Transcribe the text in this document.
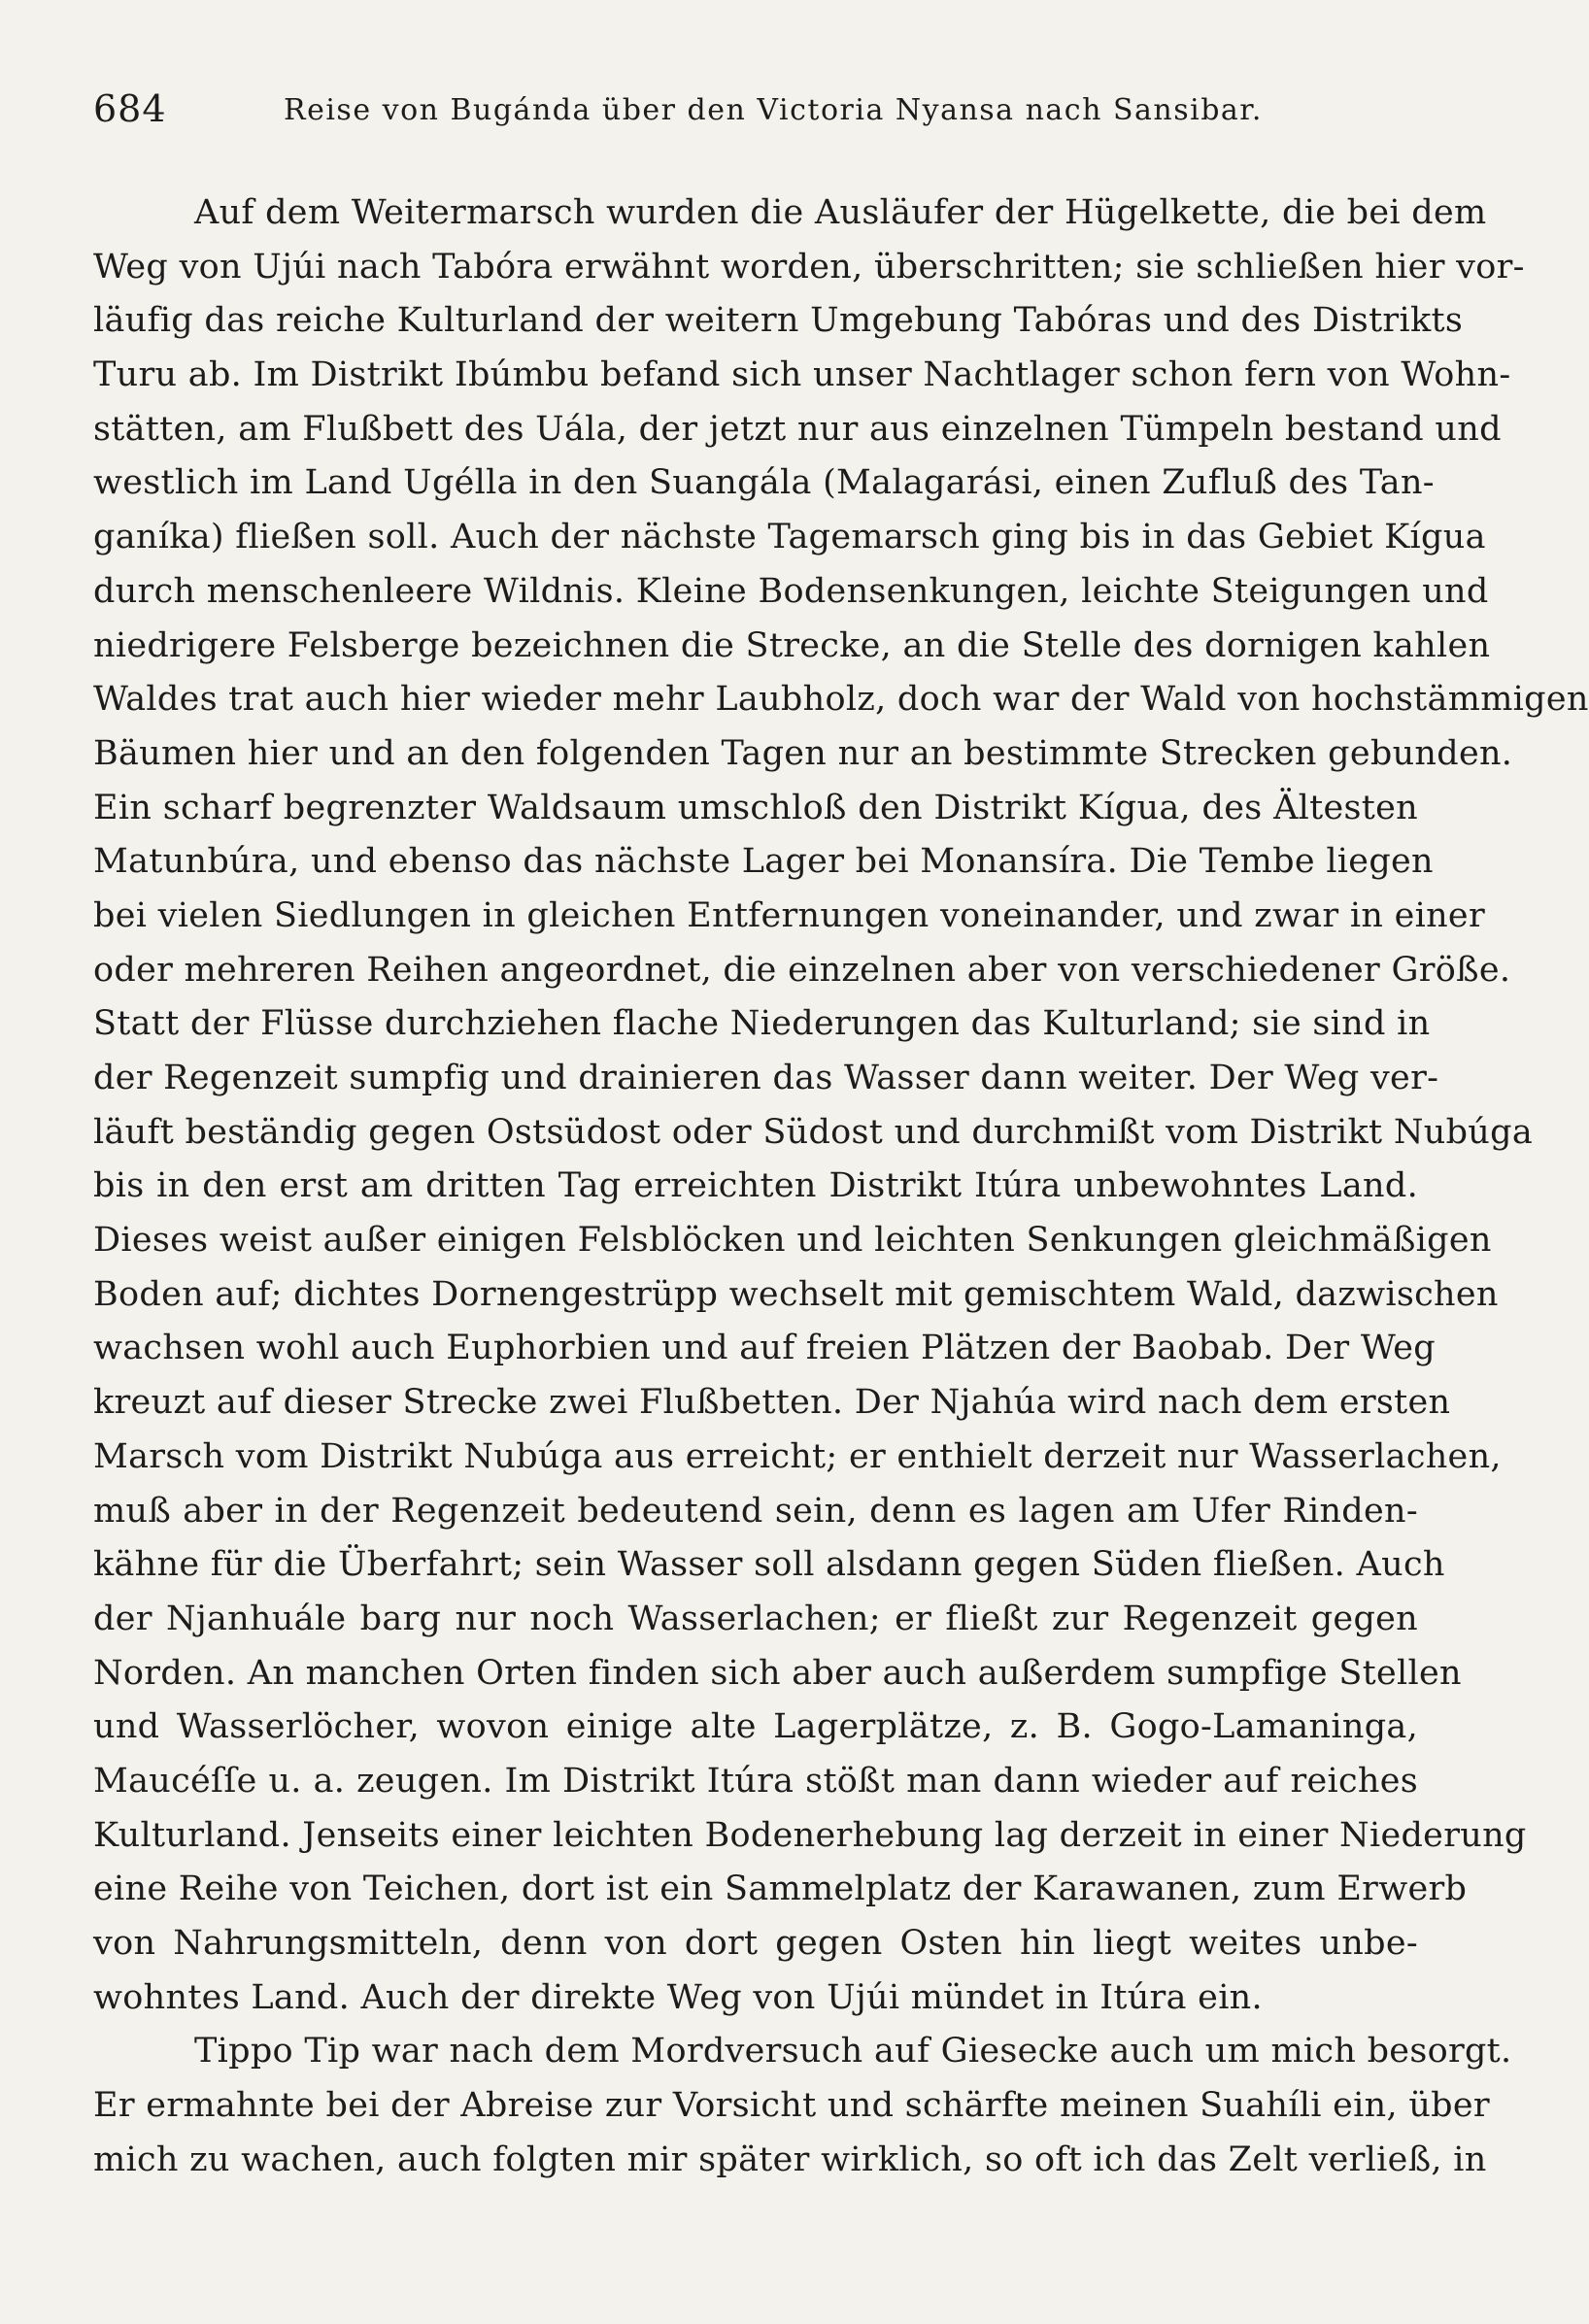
684	Reise von Bugánda über den Victoria Nyansa nach Sansibar.
Auf dem Weitermarsch wurden die Ausläufer der Hügelkette, die bei dem
Weg von Ujúi nach Tabóra erwähnt worden, überschritten; sie schließen hier vor-
läufig das reiche Kulturland der weitern Umgebung Tabóras und des Distrikts
Turu ab. Im Distrikt Ibúmbu befand sich unser Nachtlager schon fern von Wohn-
stätten, am Flußbett des Uála, der jetzt nur aus einzelnen Tümpeln bestand und
westlich im Land Ugélla in den Suangála (Malagarási, einen Zufluß des Tan-
ganíka) fließen soll. Auch der nächste Tagemarsch ging bis in das Gebiet Kígua
durch menschenleere Wildnis. Kleine Bodensenkungen, leichte Steigungen und
niedrigere Felsberge bezeichnen die Strecke, an die Stelle des dornigen kahlen
Waldes trat auch hier wieder mehr Laubholz, doch war der Wald von hochstämmigen
Bäumen hier und an den folgenden Tagen nur an bestimmte Strecken gebunden.
Ein scharf begrenzter Waldsaum umschloß den Distrikt Kígua, des Ältesten
Matunbúra, und ebenso das nächste Lager bei Monansíra. Die Tembe liegen
bei vielen Siedlungen in gleichen Entfernungen voneinander, und zwar in einer
oder mehreren Reihen angeordnet, die einzelnen aber von verschiedener Größe.
Statt der Flüsse durchziehen flache Niederungen das Kulturland; sie sind in
der Regenzeit sumpfig und drainieren das Wasser dann weiter. Der Weg ver-
läuft beständig gegen Ostsüdost oder Südost und durchmißt vom Distrikt Nubúga
bis in den erst am dritten Tag erreichten Distrikt Itúra unbewohntes Land.
Dieses weist außer einigen Felsblöcken und leichten Senkungen gleichmäßigen
Boden auf; dichtes Dornengestrüpp wechselt mit gemischtem Wald, dazwischen
wachsen wohl auch Euphorbien und auf freien Plätzen der Baobab. Der Weg
kreuzt auf dieser Strecke zwei Flußbetten. Der Njahúa wird nach dem ersten
Marsch vom Distrikt Nubúga aus erreicht; er enthielt derzeit nur Wasserlachen,
muß aber in der Regenzeit bedeutend sein, denn es lagen am Ufer Rinden-
kähne für die Überfahrt; sein Wasser soll alsdann gegen Süden fließen. Auch
der Njanhuále barg nur noch Wasserlachen; er fließt zur Regenzeit gegen
Norden. An manchen Orten finden sich aber auch außerdem sumpfige Stellen
und Wasserlöcher, wovon einige alte Lagerplätze, z. B. Gogo-Lamaninga,
Maucéſſe u. a. zeugen. Im Distrikt Itúra stößt man dann wieder auf reiches
Kulturland. Jenseits einer leichten Bodenerhebung lag derzeit in einer Niederung
eine Reihe von Teichen, dort ist ein Sammelplatz der Karawanen, zum Erwerb
von Nahrungsmitteln, denn von dort gegen Osten hin liegt weites unbe-
wohntes Land. Auch der direkte Weg von Ujúi mündet in Itúra ein.
Tippo Tip war nach dem Mordversuch auf Giesecke auch um mich besorgt.
Er ermahnte bei der Abreise zur Vorsicht und schärfte meinen Suahíli ein, über
mich zu wachen, auch folgten mir später wirklich, so oft ich das Zelt verließ, in
